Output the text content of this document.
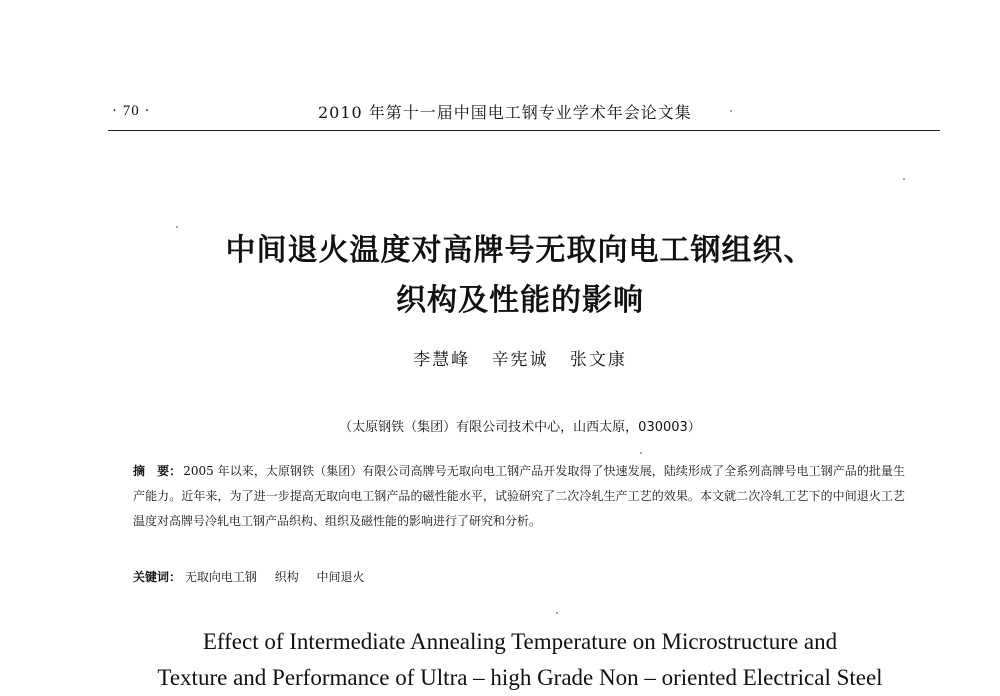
· 70 ·	2010 年第十一届中国电工钢专业学术年会论文集
中间退火温度对高牌号无取向电工钢组织、
织构及性能的影响
李慧峰 辛宪诚 张文康
（太原钢铁（集团）有限公司技术中心，山西太原，030003）
摘　要： 2005 年以来，太原钢铁（集团）有限公司高牌号无取向电工钢产品开发取得了快速发展，陆续形成了全系列高牌号电工钢产品的批量生产能力。近年来，为了进一步提高无取向电工钢产品的磁性能水平，试验研究了二次冷轧生产工艺的效果。本文就二次冷轧工艺下的中间退火工艺温度对高牌号冷轧电工钢产品织构、组织及磁性能的影响进行了研究和分析。
关键词： 无取向电工钢 织构 中间退火
Effect of Intermediate Annealing Temperature on Microstructure and
Texture and Performance of Ultra – high Grade Non – oriented Electrical Steel
